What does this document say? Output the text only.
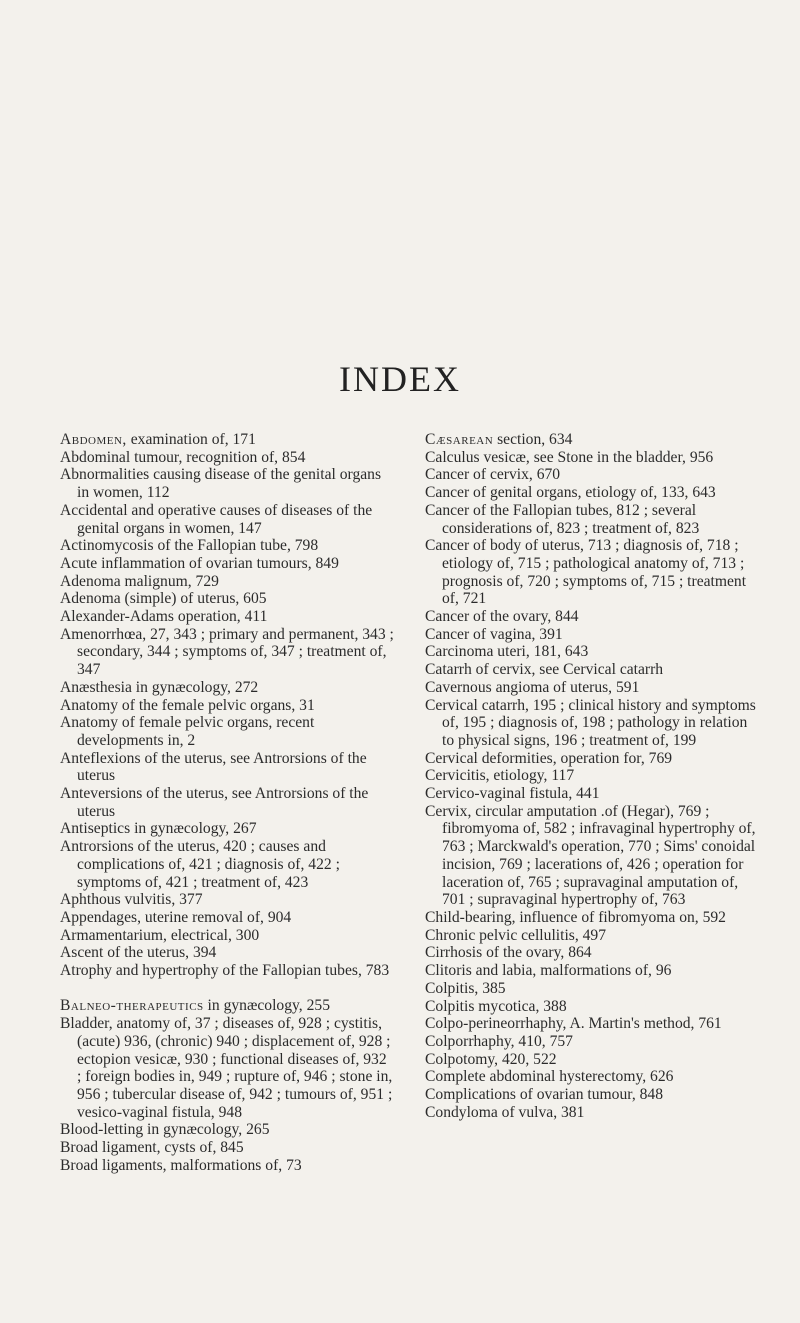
INDEX

Abdomen, examination of, 171

Abdominal tumour, recognition of, 854

Abnormalities causing disease of the genital organs in women, 112

Accidental and operative causes of diseases of the genital organs in women, 147

Actinomycosis of the Fallopian tube, 798

Acute inflammation of ovarian tumours, 849

Adenoma malignum, 729

Adenoma (simple) of uterus, 605

Alexander-Adams operation, 411

Amenorrhœa, 27, 343 ; primary and permanent, 343 ; secondary, 344 ; symptoms of, 347 ; treatment of, 347

Anæsthesia in gynæcology, 272

Anatomy of the female pelvic organs, 31

Anatomy of female pelvic organs, recent developments in, 2

Anteflexions of the uterus, see Antrorsions of the uterus

Anteversions of the uterus, see Antrorsions of the uterus

Antiseptics in gynæcology, 267

Antrorsions of the uterus, 420 ; causes and complications of, 421 ; diagnosis of, 422 ; symptoms of, 421 ; treatment of, 423

Aphthous vulvitis, 377

Appendages, uterine removal of, 904

Armamentarium, electrical, 300

Ascent of the uterus, 394

Atrophy and hypertrophy of the Fallopian tubes, 783

Balneo-therapeutics in gynæcology, 255

Bladder, anatomy of, 37 ; diseases of, 928 ; cystitis, (acute) 936, (chronic) 940 ; displacement of, 928 ; ectopion vesicæ, 930 ; functional diseases of, 932 ; foreign bodies in, 949 ; rupture of, 946 ; stone in, 956 ; tubercular disease of, 942 ; tumours of, 951 ; vesico-vaginal fistula, 948

Blood-letting in gynæcology, 265

Broad ligament, cysts of, 845

Broad ligaments, malformations of, 73

Cæsarean section, 634

Calculus vesicæ, see Stone in the bladder, 956

Cancer of cervix, 670

Cancer of genital organs, etiology of, 133, 643

Cancer of the Fallopian tubes, 812 ; several considerations of, 823 ; treatment of, 823

Cancer of body of uterus, 713 ; diagnosis of, 718 ; etiology of, 715 ; pathological anatomy of, 713 ; prognosis of, 720 ; symptoms of, 715 ; treatment of, 721

Cancer of the ovary, 844

Cancer of vagina, 391

Carcinoma uteri, 181, 643

Catarrh of cervix, see Cervical catarrh

Cavernous angioma of uterus, 591

Cervical catarrh, 195 ; clinical history and symptoms of, 195 ; diagnosis of, 198 ; pathology in relation to physical signs, 196 ; treatment of, 199

Cervical deformities, operation for, 769

Cervicitis, etiology, 117

Cervico-vaginal fistula, 441

Cervix, circular amputation .of (Hegar), 769 ; fibromyoma of, 582 ; infravaginal hypertrophy of, 763 ; Marckwald's operation, 770 ; Sims' conoidal incision, 769 ; lacerations of, 426 ; operation for laceration of, 765 ; supravaginal amputation of, 701 ; supravaginal hypertrophy of, 763

Child-bearing, influence of fibromyoma on, 592

Chronic pelvic cellulitis, 497

Cirrhosis of the ovary, 864

Clitoris and labia, malformations of, 96

Colpitis, 385

Colpitis mycotica, 388

Colpo-perineorrhaphy, A. Martin's method, 761

Colporrhaphy, 410, 757

Colpotomy, 420, 522

Complete abdominal hysterectomy, 626

Complications of ovarian tumour, 848

Condyloma of vulva, 381
